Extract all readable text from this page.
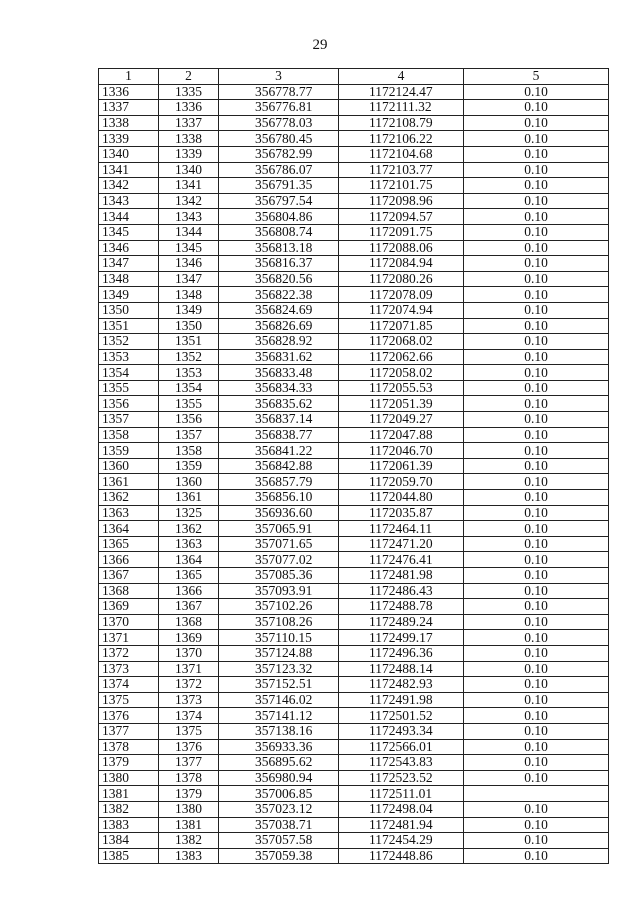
29
1	2	3	4	5
1336	1335	356778.77	1172124.47	0.10
1337	1336	356776.81	1172111.32	0.10
1338	1337	356778.03	1172108.79	0.10
1339	1338	356780.45	1172106.22	0.10
1340	1339	356782.99	1172104.68	0.10
1341	1340	356786.07	1172103.77	0.10
1342	1341	356791.35	1172101.75	0.10
1343	1342	356797.54	1172098.96	0.10
1344	1343	356804.86	1172094.57	0.10
1345	1344	356808.74	1172091.75	0.10
1346	1345	356813.18	1172088.06	0.10
1347	1346	356816.37	1172084.94	0.10
1348	1347	356820.56	1172080.26	0.10
1349	1348	356822.38	1172078.09	0.10
1350	1349	356824.69	1172074.94	0.10
1351	1350	356826.69	1172071.85	0.10
1352	1351	356828.92	1172068.02	0.10
1353	1352	356831.62	1172062.66	0.10
1354	1353	356833.48	1172058.02	0.10
1355	1354	356834.33	1172055.53	0.10
1356	1355	356835.62	1172051.39	0.10
1357	1356	356837.14	1172049.27	0.10
1358	1357	356838.77	1172047.88	0.10
1359	1358	356841.22	1172046.70	0.10
1360	1359	356842.88	1172061.39	0.10
1361	1360	356857.79	1172059.70	0.10
1362	1361	356856.10	1172044.80	0.10
1363	1325	356936.60	1172035.87	0.10
1364	1362	357065.91	1172464.11	0.10
1365	1363	357071.65	1172471.20	0.10
1366	1364	357077.02	1172476.41	0.10
1367	1365	357085.36	1172481.98	0.10
1368	1366	357093.91	1172486.43	0.10
1369	1367	357102.26	1172488.78	0.10
1370	1368	357108.26	1172489.24	0.10
1371	1369	357110.15	1172499.17	0.10
1372	1370	357124.88	1172496.36	0.10
1373	1371	357123.32	1172488.14	0.10
1374	1372	357152.51	1172482.93	0.10
1375	1373	357146.02	1172491.98	0.10
1376	1374	357141.12	1172501.52	0.10
1377	1375	357138.16	1172493.34	0.10
1378	1376	356933.36	1172566.01	0.10
1379	1377	356895.62	1172543.83	0.10
1380	1378	356980.94	1172523.52	0.10
1381	1379	357006.85	1172511.01	
1382	1380	357023.12	1172498.04	0.10
1383	1381	357038.71	1172481.94	0.10
1384	1382	357057.58	1172454.29	0.10
1385	1383	357059.38	1172448.86	0.10
